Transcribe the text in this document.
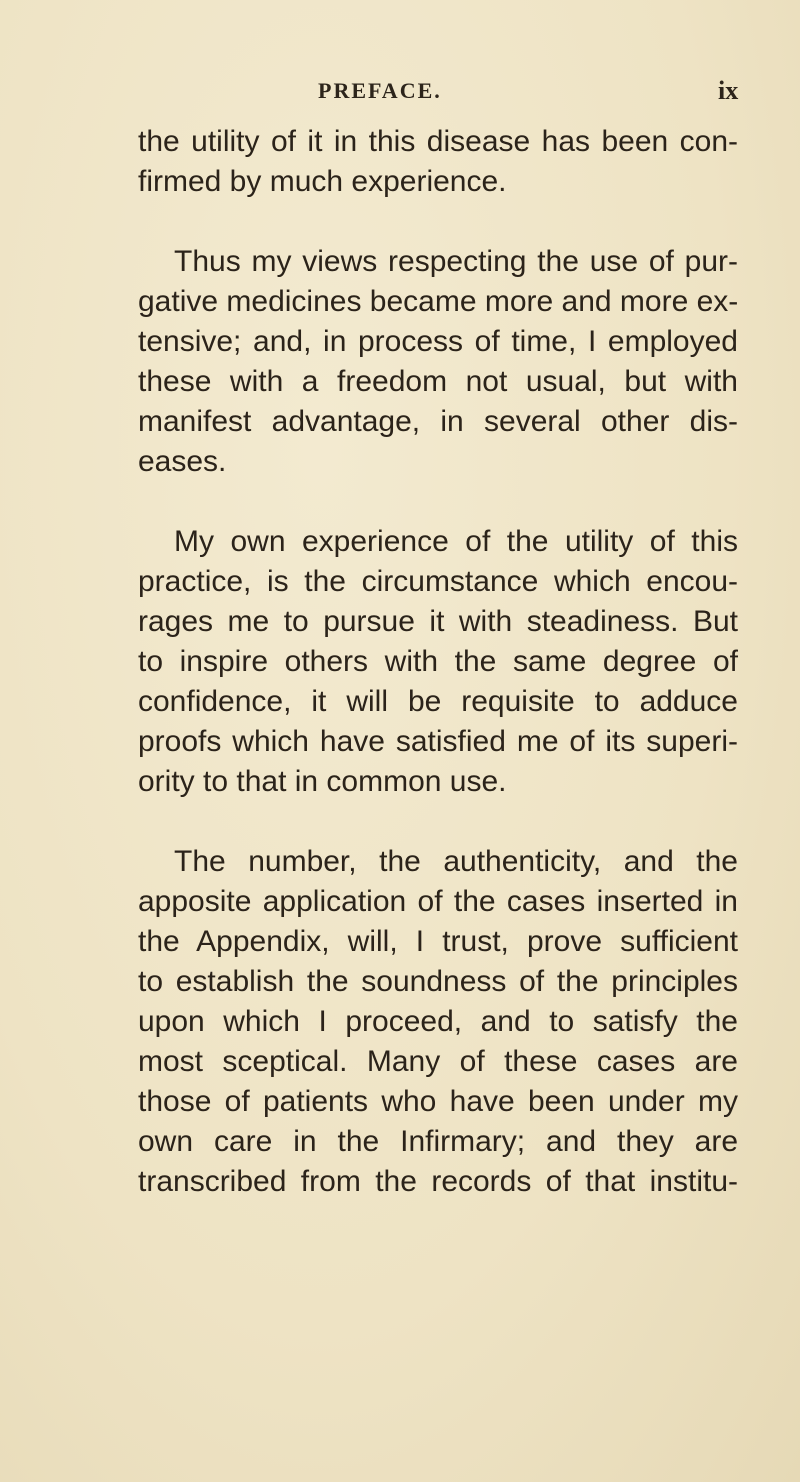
PREFACE.	ix
the utility of it in this disease has been con-
firmed by much experience.
Thus my views respecting the use of pur-
gative medicines became more and more ex-
tensive; and, in process of time, I employed
these with a freedom not usual, but with
manifest advantage, in several other dis-
eases.
My own experience of the utility of this
practice, is the circumstance which encou-
rages me to pursue it with steadiness. But
to inspire others with the same degree of
confidence, it will be requisite to adduce
proofs which have satisfied me of its superi-
ority to that in common use.
The number, the authenticity, and the
apposite application of the cases inserted in
the Appendix, will, I trust, prove sufficient
to establish the soundness of the principles
upon which I proceed, and to satisfy the
most sceptical. Many of these cases are
those of patients who have been under my
own care in the Infirmary; and they are
transcribed from the records of that institu-
